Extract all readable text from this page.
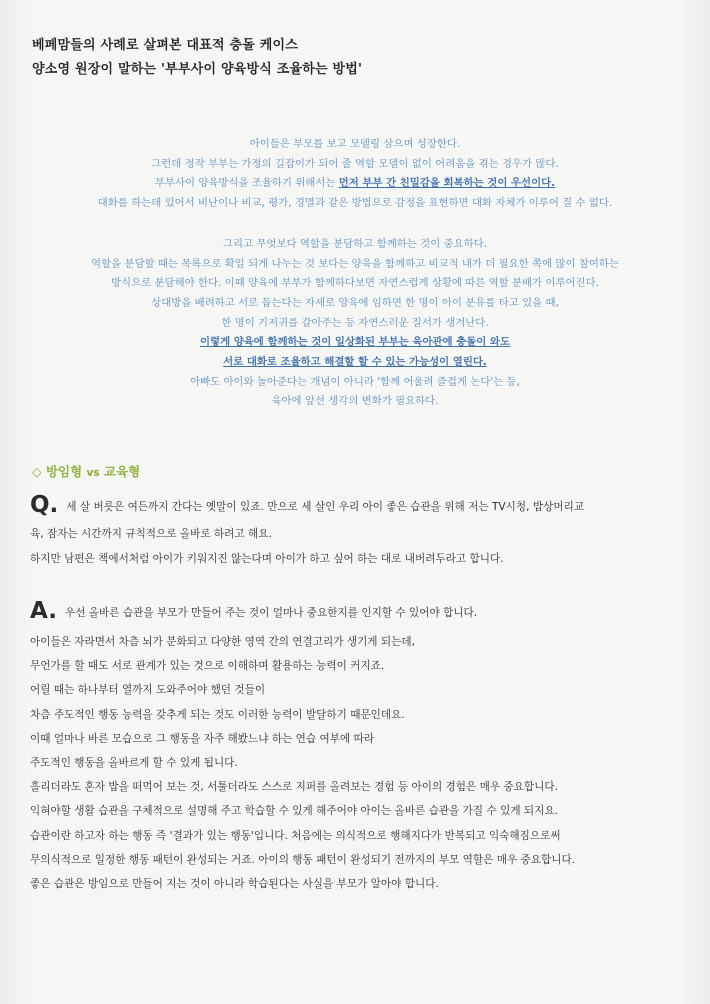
베페맘들의 사례로 살펴본 대표적 충돌 케이스

양소영 원장이 말하는 '부부사이 양육방식 조율하는 방법'

아이들은 부모를 보고 모델링 삼으며 성장한다.

그런데 정작 부부는 가정의 길잡이가 되어 줄 역할 모델이 없이 어려움을 겪는 경우가 많다.

부부사이 양육방식을 조율하기 위해서는 먼저 부부 간 친밀감을 회복하는 것이 우선이다.

대화를 하는데 있어서 비난이나 비교, 평가, 경멸과 같은 방법으로 감정을 표현하면 대화 자체가 이루어 질 수 없다.

그리고 무엇보다 역할을 분담하고 함께하는 것이 중요하다.

역할을 분담할 때는 목록으로 확일 되게 나누는 것 보다는 양육을 함께하고 비교적 내가 더 필요한 쪽에 많이 참여하는

방식으로 분담해야 한다. 이때 양육에 부부가 함께하다보면 자연스럽게 상황에 따른 역할 분배가 이루어진다.

상대방을 배려하고 서로 돕는다는 자세로 양육에 임하면 한 명이 아이 분유를 타고 있을 때,

한 명이 기저귀를 갈아주는 등 자연스러운 질서가 생겨난다.

이렇게 양육에 함께하는 것이 일상화된 부부는 육아관에 충돌이 와도

서로 대화로 조율하고 해결할 할 수 있는 가능성이 열린다.

아빠도 아이와 놀아준다는 개념이 아니라 '함께 어울려 즐겁게 논다'는 등,

육아에 앞선 생각의 변화가 필요하다.

◇ 방임형 vs 교육형

Q. 세 살 버릇은 여든까지 간다는 옛말이 있죠. 만으로 세 살인 우리 아이 좋은 습관을 위해 저는 TV시청, 밥상머리교

육, 잠자는 시간까지 규칙적으로 올바로 하려고 해요.

하지만 남편은 책에서처럼 아이가 키워지진 않는다며 아이가 하고 싶어 하는 대로 내버려두라고 합니다.

A. 우선 올바른 습관을 부모가 만들어 주는 것이 얼마나 중요한지를 인지할 수 있어야 합니다.

아이들은 자라면서 차츰 뇌가 분화되고 다양한 영역 간의 연결고리가 생기게 되는데,

무언가를 할 때도 서로 관계가 있는 것으로 이해하며 활용하는 능력이 커지죠.

어릴 때는 하나부터 열까지 도와주어야 했던 것들이

차츰 주도적인 행동 능력을 갖추게 되는 것도 이러한 능력이 발달하기 때문인데요.

이때 얼마나 바른 모습으로 그 행동을 자주 해봤느냐 하는 연습 여부에 따라

주도적인 행동을 올바르게 할 수 있게 됩니다.

흘리더라도 혼자 밥을 떠먹어 보는 것, 서툴더라도 스스로 지퍼를 올려보는 경험 등 아이의 경험은 매우 중요합니다.

익혀야할 생활 습관을 구체적으로 설명해 주고 학습할 수 있게 해주어야 아이는 올바른 습관을 가질 수 있게 되지요.

습관이란 하고자 하는 행동 즉 '결과가 있는 행동'입니다. 처음에는 의식적으로 행해지다가 반복되고 익숙해짐으로써

무의식적으로 일정한 행동 패턴이 완성되는 거죠. 아이의 행동 패턴이 완성되기 전까지의 부모 역할은 매우 중요합니다.

좋은 습관은 방임으로 만들어 지는 것이 아니라 학습된다는 사실을 부모가 알아야 합니다.
